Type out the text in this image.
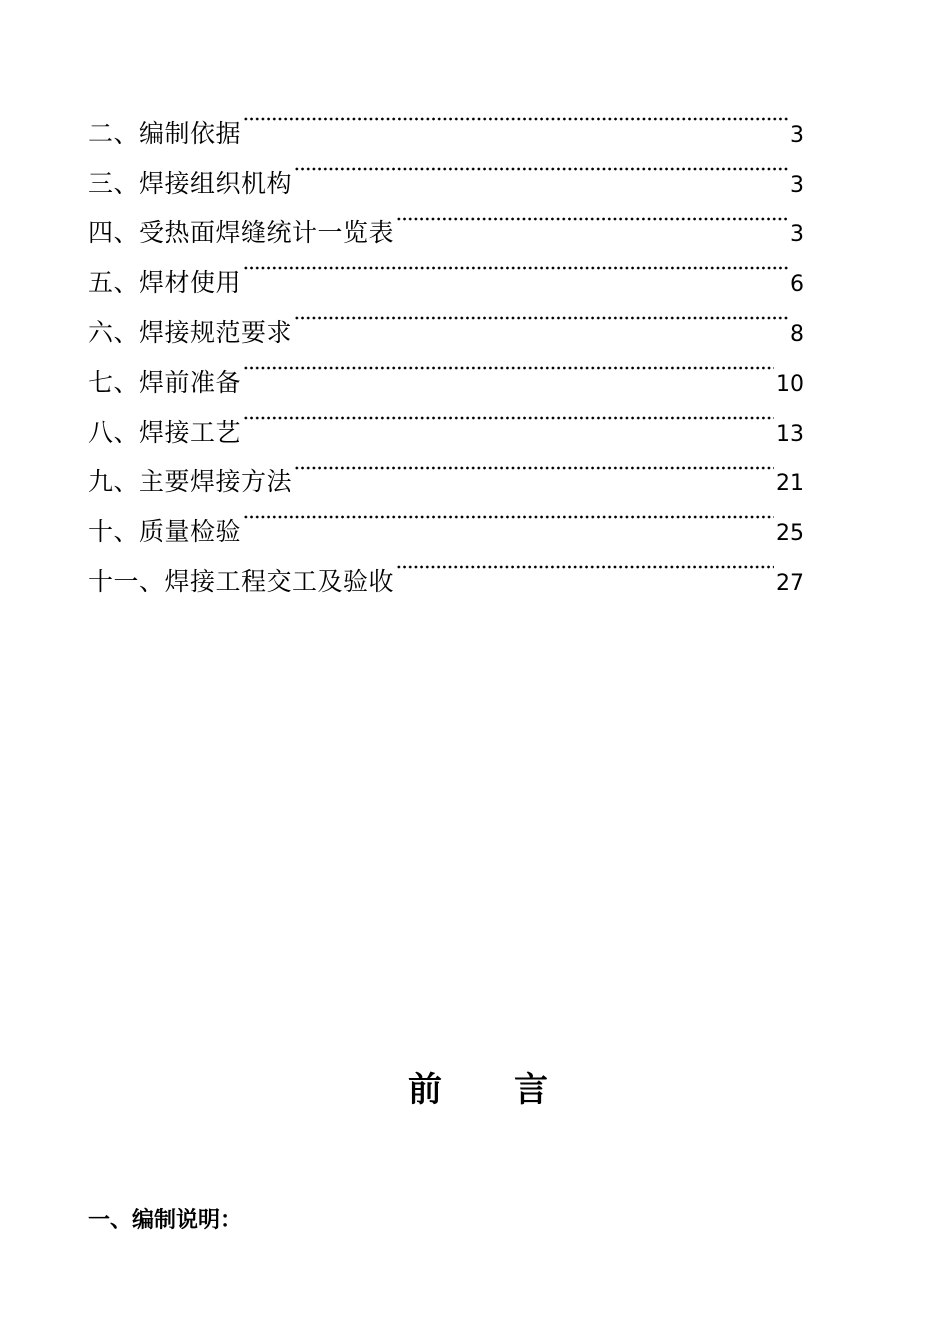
二、编制依据	3
三、焊接组织机构	3
四、受热面焊缝统计一览表	3
五、焊材使用	6
六、焊接规范要求	8
七、焊前准备	10
八、焊接工艺	13
九、主要焊接方法	21
十、质量检验	25
十一、焊接工程交工及验收	27
前 言
一、编制说明：
